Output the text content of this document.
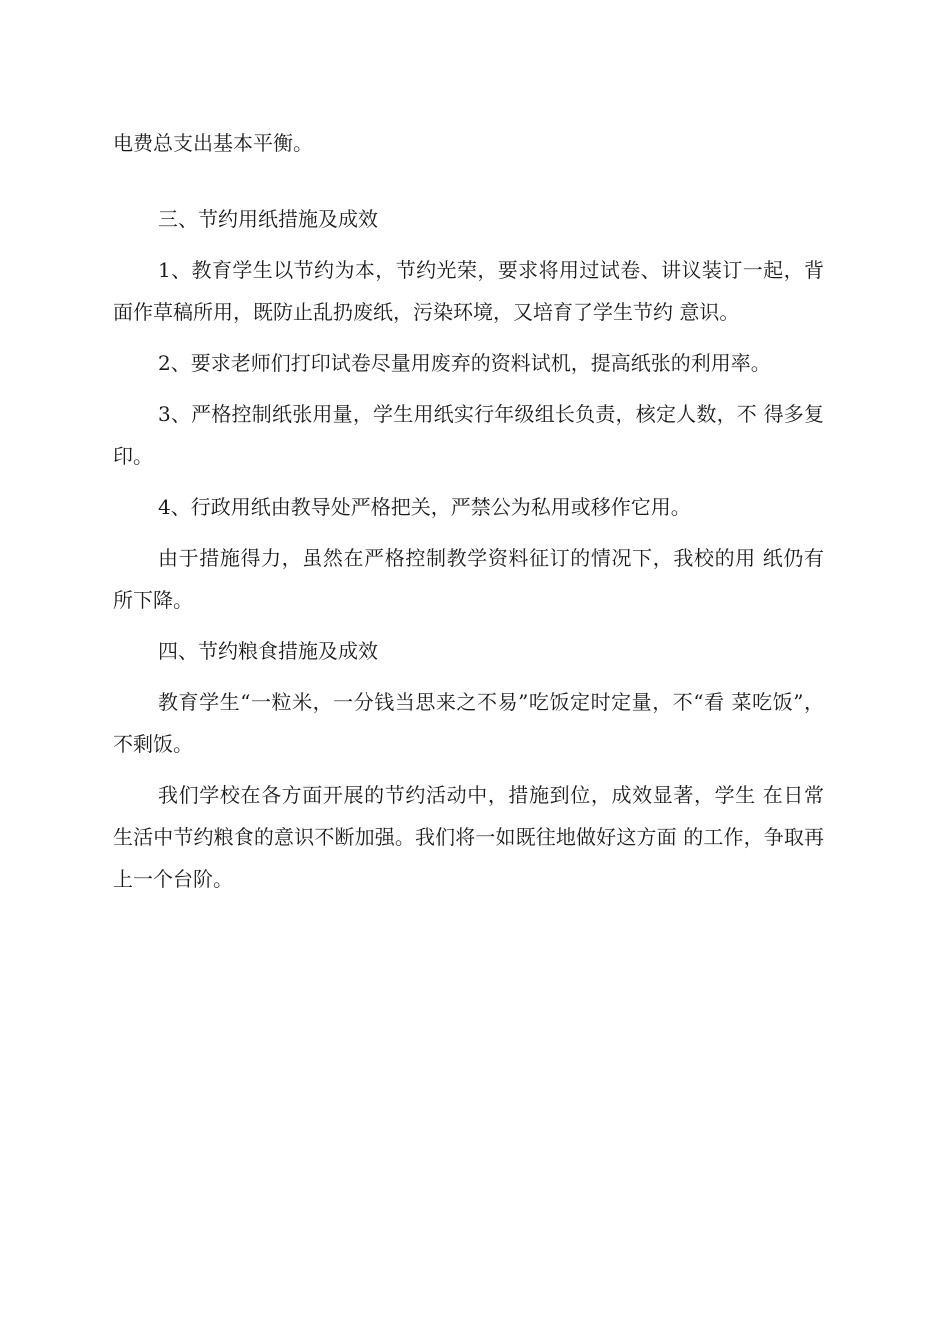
电费总支出基本平衡。

三、节约用纸措施及成效

1、教育学生以节约为本，节约光荣，要求将用过试卷、讲议装订一起，背面作草稿所用，既防止乱扔废纸，污染环境，又培育了学生节约 意识。

2、要求老师们打印试卷尽量用废弃的资料试机，提高纸张的利用率。

3、严格控制纸张用量，学生用纸实行年级组长负责，核定人数，不 得多复印。

4、行政用纸由教导处严格把关，严禁公为私用或移作它用。

由于措施得力，虽然在严格控制教学资料征订的情况下，我校的用 纸仍有所下降。

四、节约粮食措施及成效

教育学生“一粒米，一分钱当思来之不易”吃饭定时定量，不“看 菜吃饭”，不剩饭。

我们学校在各方面开展的节约活动中，措施到位，成效显著，学生 在日常生活中节约粮食的意识不断加强。我们将一如既往地做好这方面 的工作，争取再上一个台阶。
